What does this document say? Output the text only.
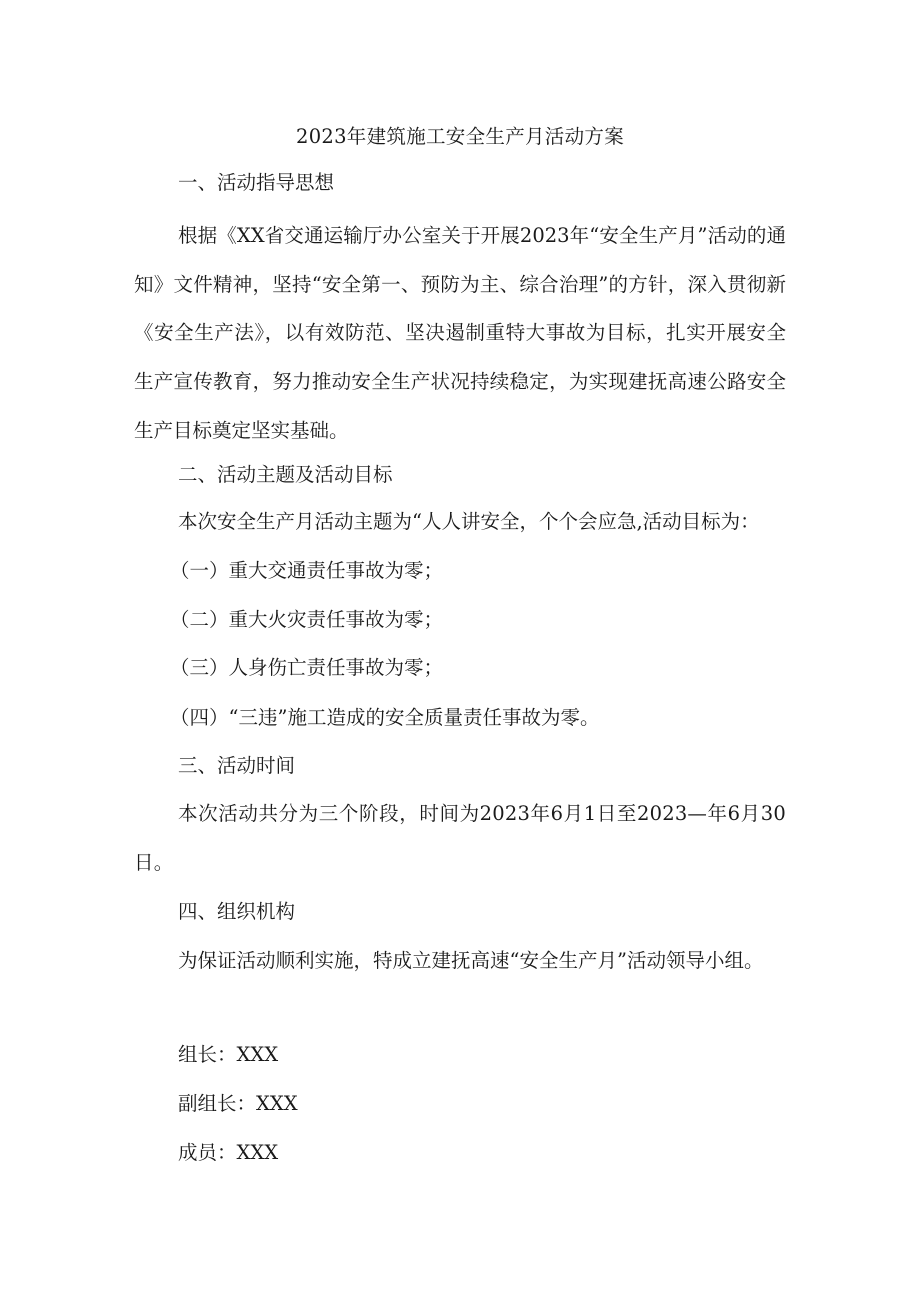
2023年建筑施工安全生产月活动方案

一、活动指导思想

根据《XX省交通运输厅办公室关于开展2023年“安全生产月”活动的通知》文件精神，坚持“安全第一、预防为主、综合治理”的方针，深入贯彻新《安全生产法》，以有效防范、坚决遏制重特大事故为目标，扎实开展安全生产宣传教育，努力推动安全生产状况持续稳定，为实现建抚高速公路安全生产目标奠定坚实基础。

二、活动主题及活动目标

本次安全生产月活动主题为“人人讲安全，个个会应急,活动目标为：

（一）重大交通责任事故为零；

（二）重大火灾责任事故为零；

（三）人身伤亡责任事故为零；

（四）“三违”施工造成的安全质量责任事故为零。

三、活动时间

本次活动共分为三个阶段，时间为2023年6月1日至2023—年6月30日。

四、组织机构

为保证活动顺利实施，特成立建抚高速“安全生产月”活动领导小组。

组长：XXX

副组长：XXX

成员：XXX
